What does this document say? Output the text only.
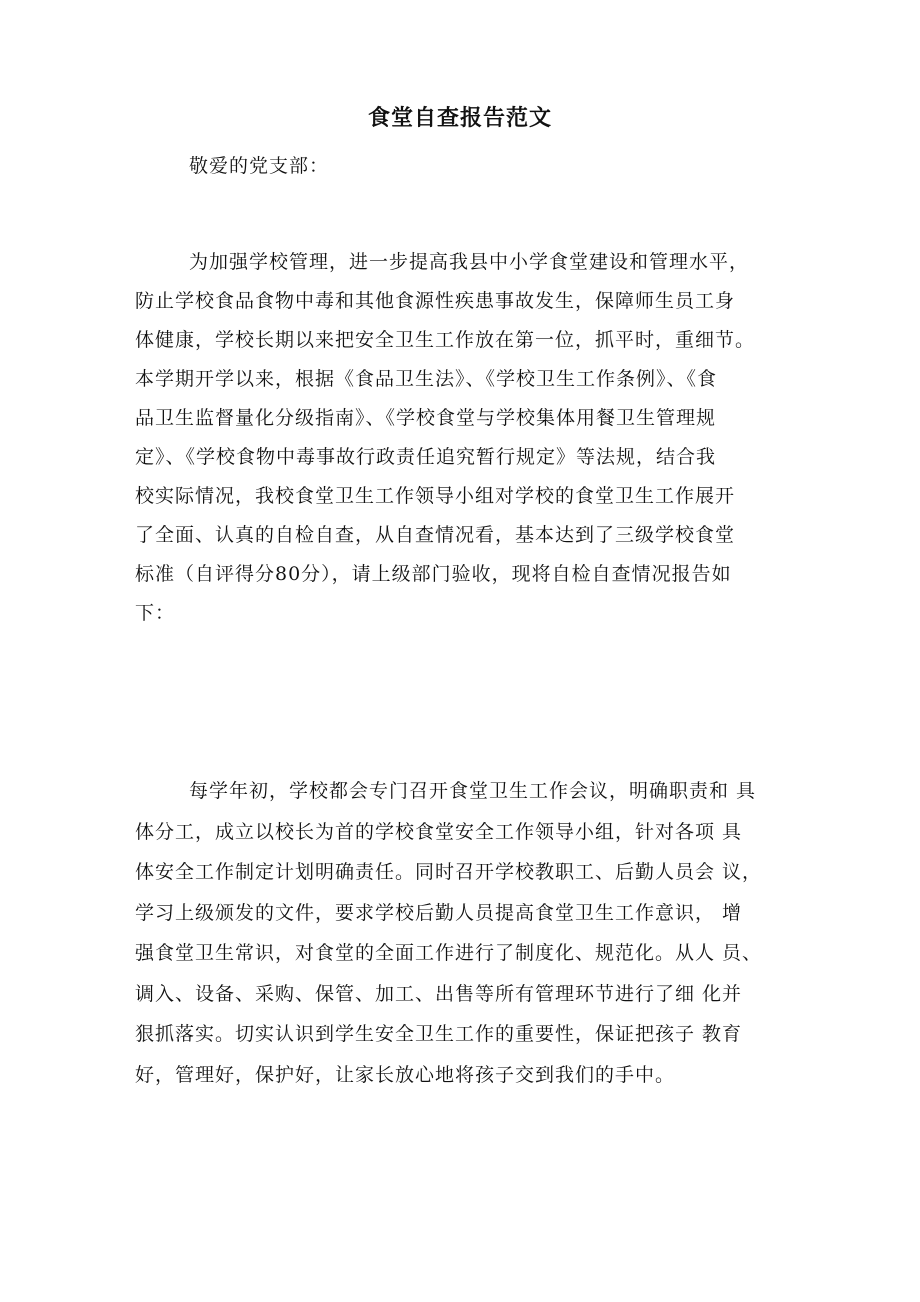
食堂自查报告范文
敬爱的党支部：
为加强学校管理，进一步提高我县中小学食堂建设和管理水平，
防止学校食品食物中毒和其他食源性疾患事故发生，保障师生员工身
体健康，学校长期以来把安全卫生工作放在第一位，抓平时，重细节。
本学期开学以来，根据《食品卫生法》、《学校卫生工作条例》、《食
品卫生监督量化分级指南》、《学校食堂与学校集体用餐卫生管理规
定》、《学校食物中毒事故行政责任追究暂行规定》等法规，结合我
校实际情况，我校食堂卫生工作领导小组对学校的食堂卫生工作展开
了全面、认真的自检自查，从自查情况看，基本达到了三级学校食堂
标准（自评得分80分），请上级部门验收，现将自检自查情况报告如
下：
每学年初，学校都会专门召开食堂卫生工作会议，明确职责和 具
体分工，成立以校长为首的学校食堂安全工作领导小组，针对各项 具
体安全工作制定计划明确责任。同时召开学校教职工、后勤人员会 议，
学习上级颁发的文件，要求学校后勤人员提高食堂卫生工作意识， 增
强食堂卫生常识，对食堂的全面工作进行了制度化、规范化。从人 员、
调入、设备、采购、保管、加工、出售等所有管理环节进行了细 化并
狠抓落实。切实认识到学生安全卫生工作的重要性，保证把孩子 教育
好，管理好，保护好，让家长放心地将孩子交到我们的手中。
